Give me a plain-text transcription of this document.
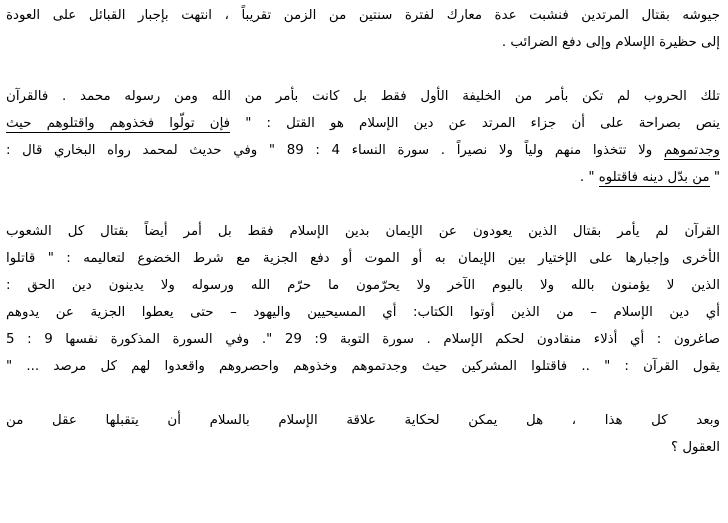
جيوشه بقتال المرتدين فنشبت عدة معارك لفترة سنتين من الزمن تقريباً ، انتهت بإجبار القبائل على العودة
إلى حظيرة الإسلام وإلى دفع الضرائب .
تلك الحروب لم تكن بأمر من الخليفة الأول فقط بل كانت بأمر من الله ومن رسوله محمد . فالقرآن
ينص بصراحة على أن جزاء المرتد عن دين الإسلام هو القتل : " فإن تولّوا فخذوهم واقتلوهم حيث
وجدتموهم ولا تتخذوا منهم ولياً ولا نصيراً . سورة النساء 4 : 89 " وفي حديث لمحمد رواه البخاري قال :
" من بدّل دينه فاقتلوه " .
القرآن لم يأمر بقتال الذين يعودون عن الإيمان بدين الإسلام فقط بل أمر أيضاً بقتال كل الشعوب
الأخرى وإجبارها على الإختيار بين الإيمان به أو الموت أو دفع الجزية مع شرط الخضوع لتعاليمه : " قاتلوا
الذين لا يؤمنون بالله ولا باليوم الآخر ولا يحرّمون ما حرّم الله ورسوله ولا يدينون دين الحق :
أي دين الإسلام – من الذين أوتوا الكتاب: أي المسيحيين واليهود – حتى يعطوا الجزية عن يدوهم
صاغرون : أي أذلاء منقادون لحكم الإسلام . سورة التوبة 9: 29 ". وفي السورة المذكورة نفسها 9 : 5
يقول القرآن : " .. فاقتلوا المشركين حيث وجدتموهم وخذوهم واحصروهم واقعدوا لهم كل مرصد ... "
وبعد كل هذا ، هل يمكن لحكاية علاقة الإسلام بالسلام أن يتقبلها عقل من
العقول ؟
